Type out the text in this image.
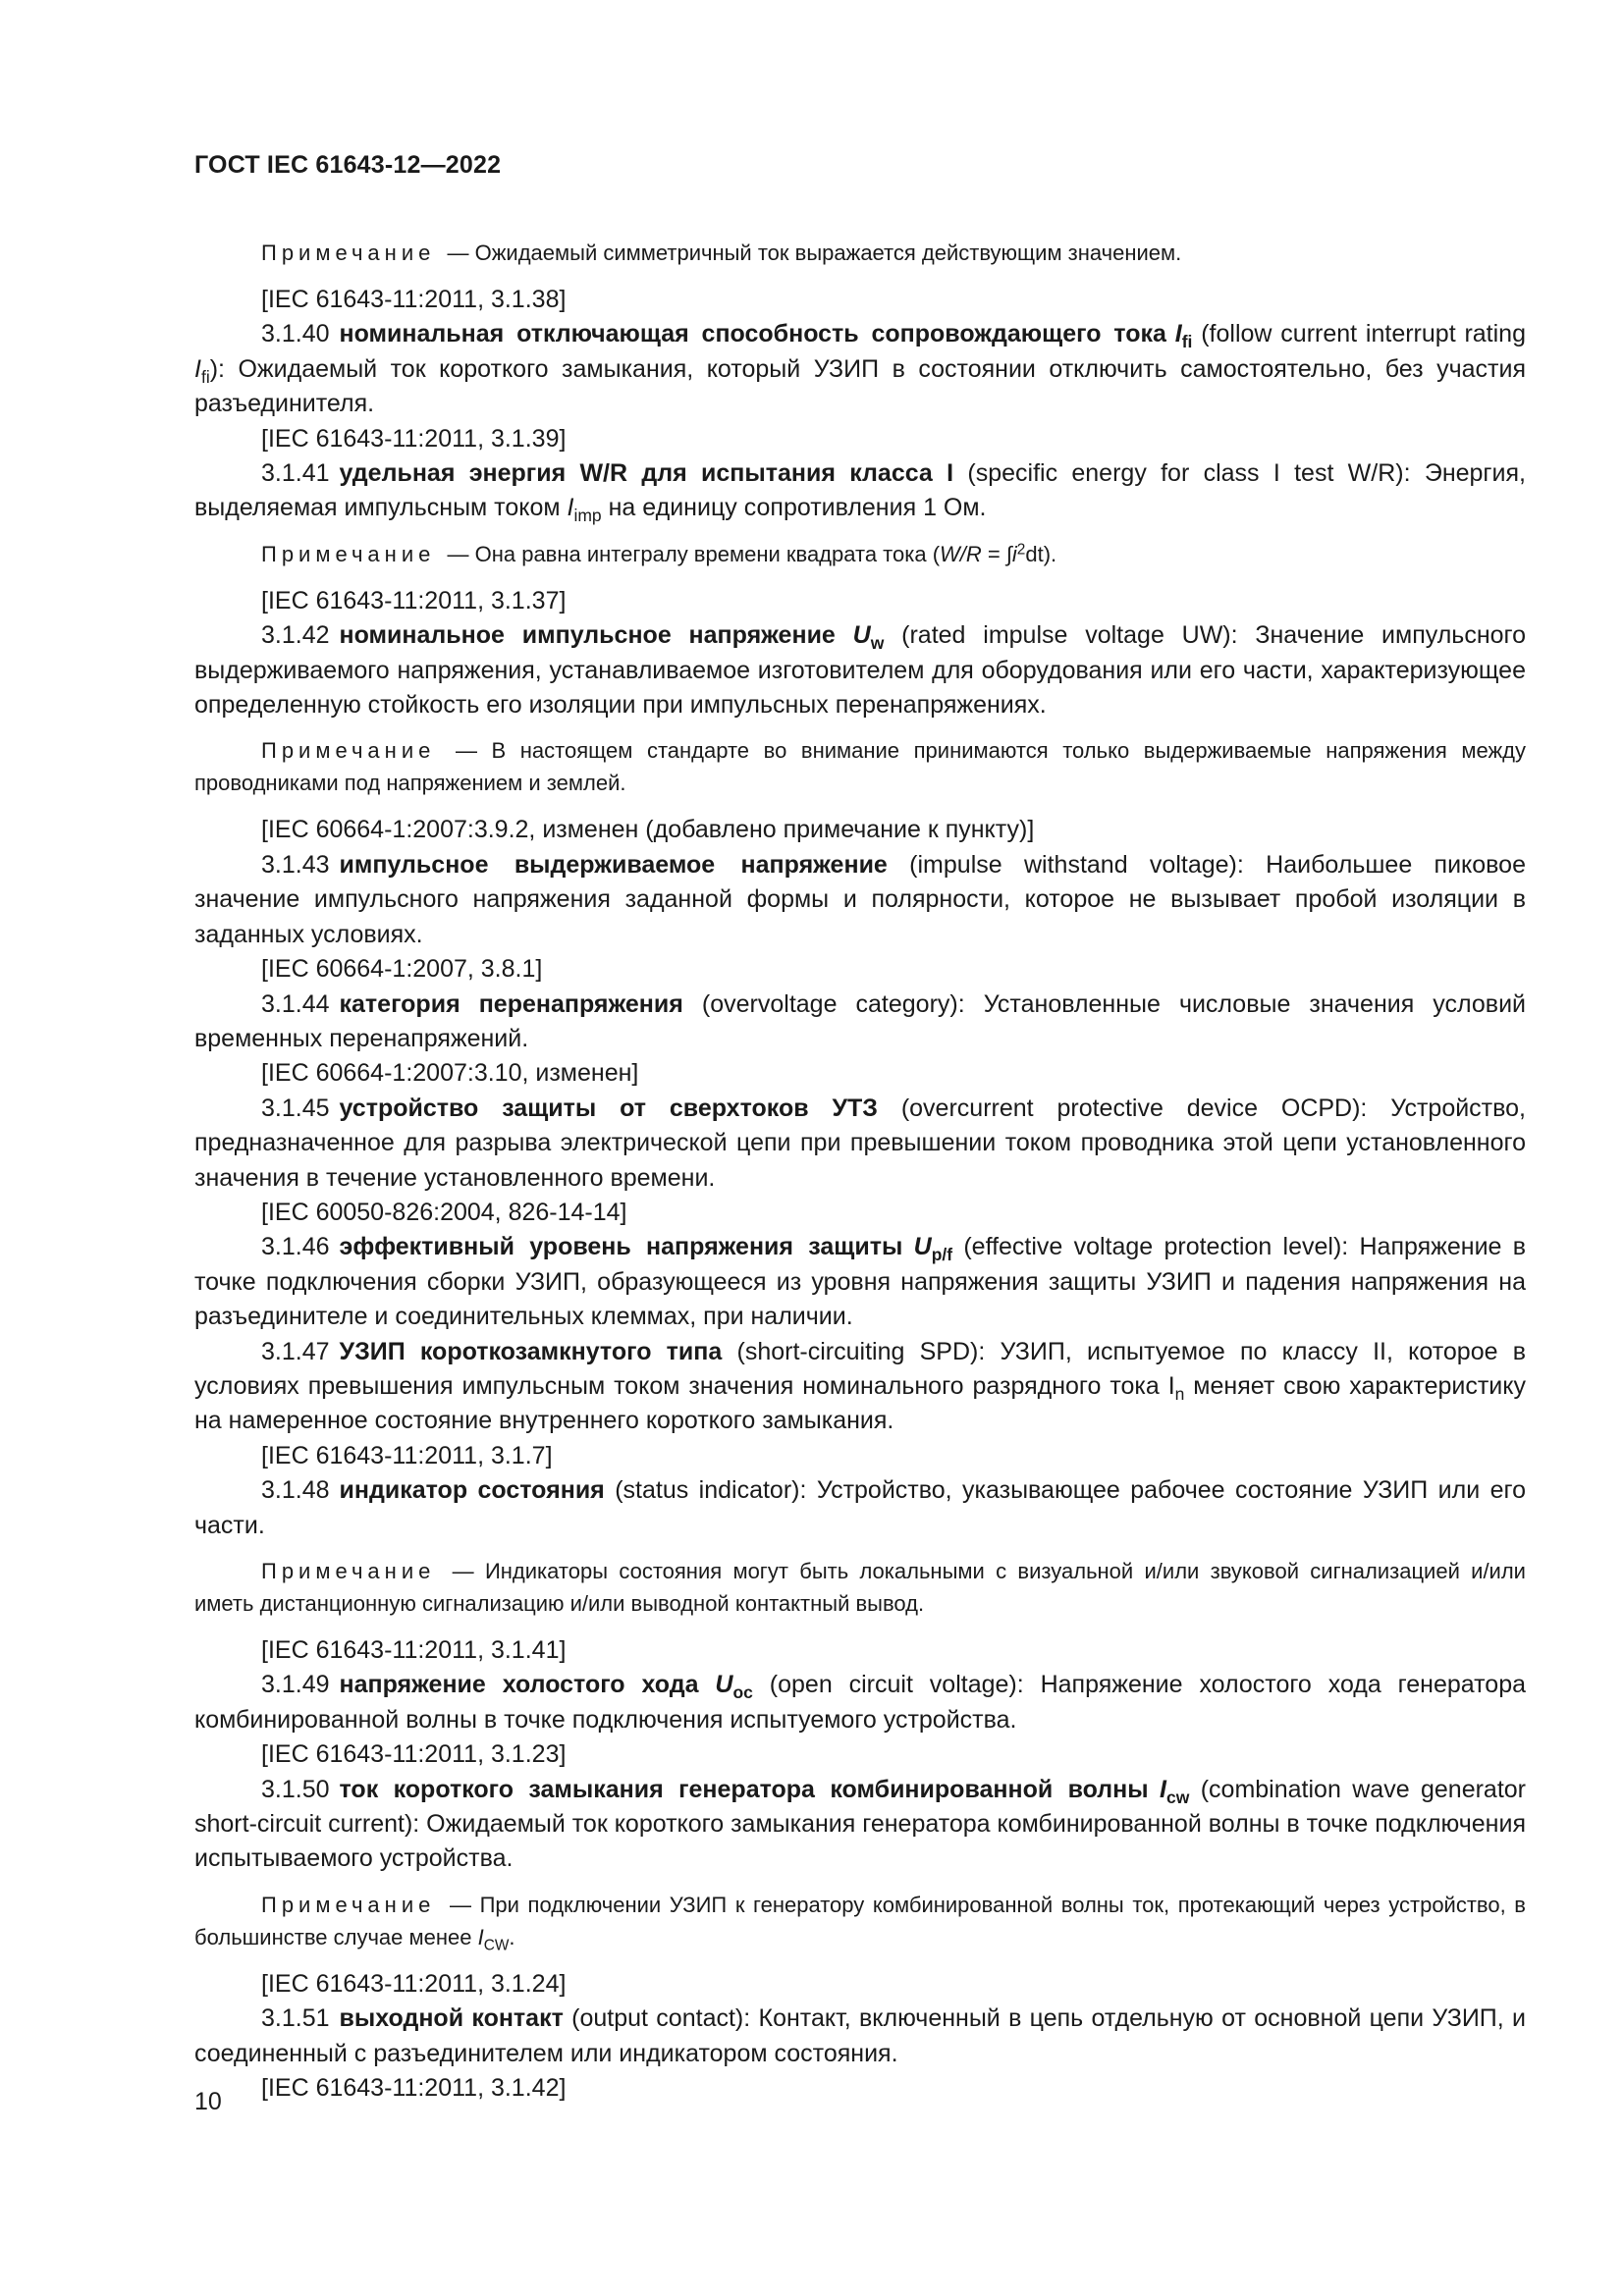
ГОСТ IEC 61643-12—2022

Примечание — Ожидаемый симметричный ток выражается действующим значением.

[IEC 61643-11:2011, 3.1.38]

3.1.40 номинальная отключающая способность сопровождающего тока $I_{fi}$ (follow current interrupt rating $I_{fi}$): Ожидаемый ток короткого замыкания, который УЗИП в состоянии отключить самостоятельно, без участия разъединителя.

[IEC 61643-11:2011, 3.1.39]

3.1.41 удельная энергия W/R для испытания класса I (specific energy for class I test W/R): Энергия, выделяемая импульсным током $I_{imp}$ на единицу сопротивления 1 Ом.

Примечание — Она равна интегралу времени квадрата тока $(W/R = \int i^2dt)$.

[IEC 61643-11:2011, 3.1.37]

3.1.42 номинальное импульсное напряжение $U_w$ (rated impulse voltage UW): Значение импульсного выдерживаемого напряжения, устанавливаемое изготовителем для оборудования или его части, характеризующее определенную стойкость его изоляции при импульсных перенапряжениях.

Примечание — В настоящем стандарте во внимание принимаются только выдерживаемые напряжения между проводниками под напряжением и землей.

[IEC 60664-1:2007:3.9.2, изменен (добавлено примечание к пункту)]

3.1.43 импульсное выдерживаемое напряжение (impulse withstand voltage): Наибольшее пиковое значение импульсного напряжения заданной формы и полярности, которое не вызывает пробой изоляции в заданных условиях.

[IEC 60664-1:2007, 3.8.1]

3.1.44 категория перенапряжения (overvoltage category): Установленные числовые значения условий временных перенапряжений.

[IEC 60664-1:2007:3.10, изменен]

3.1.45 устройство защиты от сверхтоков УТЗ (overcurrent protective device OCPD): Устройство, предназначенное для разрыва электрической цепи при превышении током проводника этой цепи установленного значения в течение установленного времени.

[IEC 60050-826:2004, 826-14-14]

3.1.46 эффективный уровень напряжения защиты $U_{p/f}$ (effective voltage protection level): Напряжение в точке подключения сборки УЗИП, образующееся из уровня напряжения защиты УЗИП и падения напряжения на разъединителе и соединительных клеммах, при наличии.

3.1.47 УЗИП короткозамкнутого типа (short-circuiting SPD): УЗИП, испытуемое по классу II, которое в условиях превышения импульсным током значения номинального разрядного тока $I_n$ меняет свою характеристику на намеренное состояние внутреннего короткого замыкания.

[IEC 61643-11:2011, 3.1.7]

3.1.48 индикатор состояния (status indicator): Устройство, указывающее рабочее состояние УЗИП или его части.

Примечание — Индикаторы состояния могут быть локальными с визуальной и/или звуковой сигнализацией и/или иметь дистанционную сигнализацию и/или выводной контактный вывод.

[IEC 61643-11:2011, 3.1.41]

3.1.49 напряжение холостого хода $U_{oc}$ (open circuit voltage): Напряжение холостого хода генератора комбинированной волны в точке подключения испытуемого устройства.

[IEC 61643-11:2011, 3.1.23]

3.1.50 ток короткого замыкания генератора комбинированной волны $I_{cw}$ (combination wave generator short-circuit current): Ожидаемый ток короткого замыкания генератора комбинированной волны в точке подключения испытываемого устройства.

Примечание — При подключении УЗИП к генератору комбинированной волны ток, протекающий через устройство, в большинстве случае менее $I_{CW}$.

[IEC 61643-11:2011, 3.1.24]

3.1.51 выходной контакт (output contact): Контакт, включенный в цепь отдельную от основной цепи УЗИП, и соединенный с разъединителем или индикатором состояния.

[IEC 61643-11:2011, 3.1.42]

10
